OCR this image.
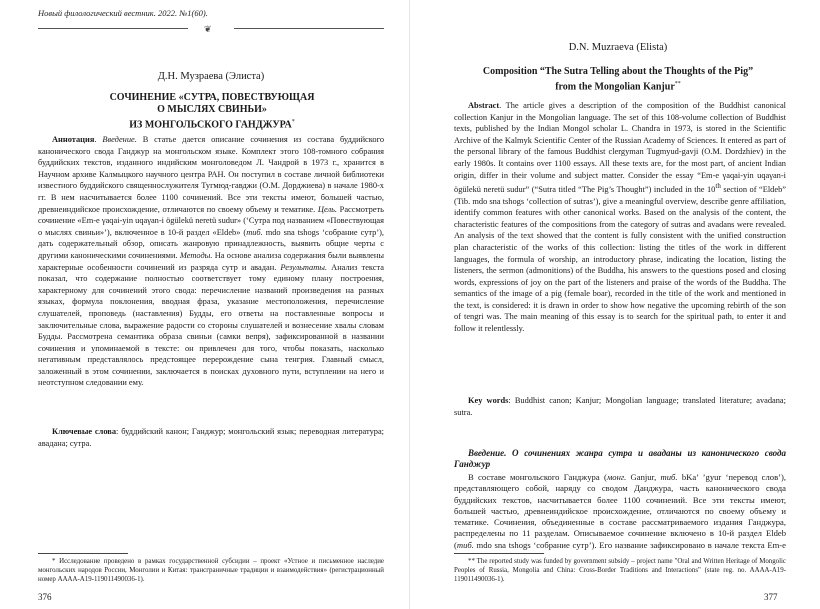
Новый филологический вестник. 2022. №1(60).
❦
Д.Н. Музраева (Элиста)
СОЧИНЕНИЕ «СУТРА, ПОВЕСТВУЮЩАЯ
О МЫСЛЯХ СВИНЬИ»
ИЗ МОНГОЛЬСКОГО ГАНДЖУРА*
Аннотация. Введение. В статье дается описание сочинения из состава буддийского канонического свода Ганджур на монгольском языке. Комплект этого 108-томного собрания буддийских текстов, изданного индийским монголоведом Л. Чандрой в 1973 г., хранится в Научном архиве Калмыцкого научного центра РАН. Он поступил в составе личной библиотеки известного буддийского священнослужителя Тугмюд-гавджи (О.М. Дорджиева) в начале 1980-х гг. В нем насчитывается более 1100 сочинений. Все эти тексты имеют, большей частью, древнеиндийское происхождение, отличаются по своему объему и тематике. Цель. Рассмотреть сочинение «Em-e γaqai-yin uqaγan-i ögülekü neretü sudur» (‘Сутра под названием «Повествующая о мыслях свиньи»’), включенное в 10-й раздел «Eldeb» (тиб. mdo sna tshogs ‘собрание сутр’), дать содержательный обзор, описать жанровую принадлежность, выявить общие черты с другими каноническими сочинениями. Методы. На основе анализа содержания были выявлены характерные особенности сочинений из разряда сутр и авадан. Результаты. Анализ текста показал, что содержание полностью соответствует тому единому плану построения, характерному для сочинений этого свода: перечисление названий произведения на разных языках, формула поклонения, вводная фраза, указание местоположения, перечисление слушателей, проповедь (наставления) Будды, его ответы на поставленные вопросы и заключительные слова, выражение радости со стороны слушателей и вознесение хвалы словам Будды. Рассмотрена семантика образа свиньи (самки вепря), зафиксированной в названии сочинения и упоминаемой в тексте: он привлечен для того, чтобы показать, насколько негативным представлялось предстоящее перерождение сына тенгрия. Главный смысл, заложенный в этом сочинении, заключается в поисках духовного пути, вступлении на него и неотступном следовании ему.
Ключевые слова: буддийский канон; Ганджур; монгольский язык; переводная литература; авадана; сутра.
* Исследование проведено в рамках государственной субсидии – проект «Устное и письменное наследие монгольских народов России, Монголии и Китая: трансграничные традиции и взаимодействия» (регистрационный номер АААА-А19-119011490036-1).
376
D.N. Muzraeva (Elista)
Composition “The Sutra Telling about the Thoughts of the Pig”
from the Mongolian Kanjur**
Abstract. The article gives a description of the composition of the Buddhist canonical collection Kanjur in the Mongolian language. The set of this 108-volume collection of Buddhist texts, published by the Indian Mongol scholar L. Chandra in 1973, is stored in the Scientific Archive of the Kalmyk Scientific Center of the Russian Academy of Sciences. It entered as part of the personal library of the famous Buddhist clergyman Tugmyud-gavji (O.M. Dordzhiev) in the early 1980s. It contains over 1100 essays. All these texts are, for the most part, of ancient Indian origin, differ in their volume and subject matter. Consider the essay “Em-e γaqai-yin uqaγan-i ögülekü neretü sudur” (“Sutra titled “The Pig’s Thought”) included in the 10th section of “Eldeb” (Tib. mdo sna tshogs ‘collection of sutras’), give a meaningful overview, describe genre affiliation, identify common features with other canonical works. Based on the analysis of the content, the characteristic features of the compositions from the category of sutras and avadans were revealed. An analysis of the text showed that the content is fully consistent with the unified construction plan characteristic of the works of this collection: listing the titles of the work in different languages, the formula of worship, an introductory phrase, indicating the location, listing the listeners, the sermon (admonitions) of the Buddha, his answers to the questions posed and closing words, expressions of joy on the part of the listeners and praise of the words of the Buddha. The semantics of the image of a pig (female boar), recorded in the title of the work and mentioned in the text, is considered: it is drawn in order to show how negative the upcoming rebirth of the son of tengri was. The main meaning of this essay is to search for the spiritual path, to enter it and follow it relentlessly.
Key words: Buddhist canon; Kanjur; Mongolian language; translated literature; avadana; sutra.
Введение. О сочинениях жанра сутра и аваданы из канонического свода Ганджур
В составе монгольского Ганджура (монг. Ganjur, тиб. bKa’ ’gyur ‘перевод слов’), представляющего собой, наряду со сводом Данджура, часть канонического свода буддийских текстов, насчитывается более 1100 сочинений. Все эти тексты имеют, большей частью, древнеиндийское происхождение, отличаются по своему объему и тематике. Сочинения, объединенные в составе рассматриваемого издания Ганджура, распределены по 11 разделам. Описываемое сочинение включено в 10-й раздел Eldeb (тиб. mdo sna tshogs ‘собрание сутр’). Его название зафиксировано в начале текста Em-e
** The reported study was funded by government subsidy – project name "Oral and Written Heritage of Mongolic Peoples of Russia, Mongolia and China: Cross-Border Traditions and Interactions" (state reg. no. AAAA-A19-119011490036-1).
377
